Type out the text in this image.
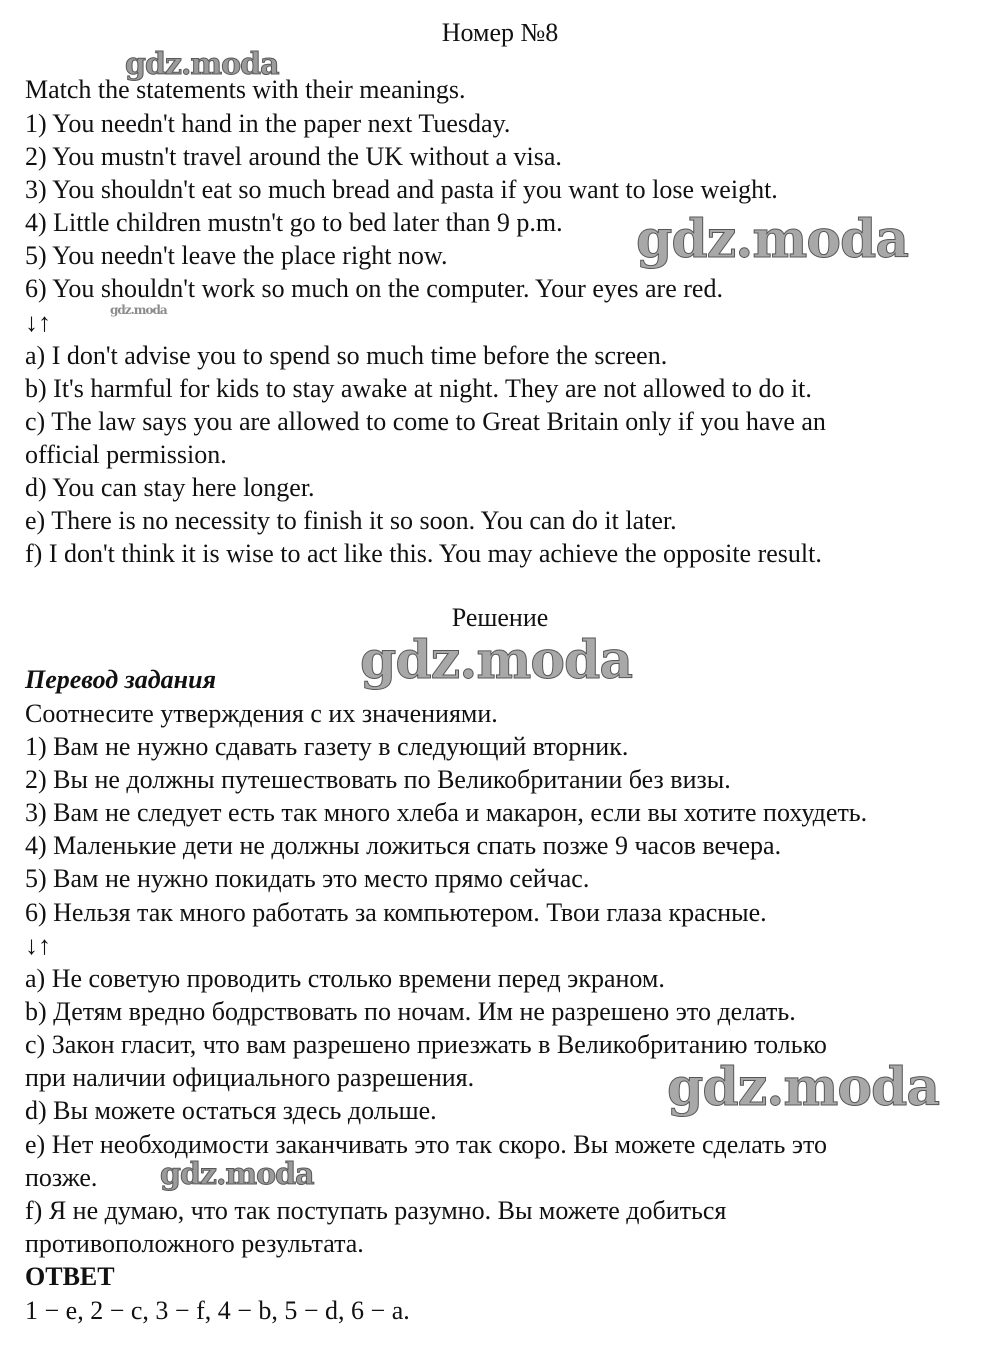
Номер №8
Match the statements with their meanings.
1) You needn't hand in the paper next Tuesday.
2) You mustn't travel around the UK without a visa.
3) You shouldn't eat so much bread and pasta if you want to lose weight.
4) Little children mustn't go to bed later than 9 p.m.
5) You needn't leave the place right now.
6) You shouldn't work so much on the computer. Your eyes are red.
↓↑
a) I don't advise you to spend so much time before the screen.
b) It's harmful for kids to stay awake at night. They are not allowed to do it.
c) The law says you are allowed to come to Great Britain only if you have an
official permission.
d) You can stay here longer.
e) There is no necessity to finish it so soon. You can do it later.
f) I don't think it is wise to act like this. You may achieve the opposite result.
Решение
Перевод задания
Соотнесите утверждения с их значениями.
1) Вам не нужно сдавать газету в следующий вторник.
2) Вы не должны путешествовать по Великобритании без визы.
3) Вам не следует есть так много хлеба и макарон, если вы хотите похудеть.
4) Маленькие дети не должны ложиться спать позже 9 часов вечера.
5) Вам не нужно покидать это место прямо сейчас.
6) Нельзя так много работать за компьютером. Твои глаза красные.
↓↑
a) Не советую проводить столько времени перед экраном.
b) Детям вредно бодрствовать по ночам. Им не разрешено это делать.
c) Закон гласит, что вам разрешено приезжать в Великобританию только
при наличии официального разрешения.
d) Вы можете остаться здесь дольше.
e) Нет необходимости заканчивать это так скоро. Вы можете сделать это
позже.
f) Я не думаю, что так поступать разумно. Вы можете добиться
противоположного результата.
ОТВЕТ
1 − e, 2 − c, 3 − f, 4 − b, 5 − d, 6 − a.
gdz.moda
gdz.moda
gdz.moda
gdz.moda
gdz.moda
gdz.moda
